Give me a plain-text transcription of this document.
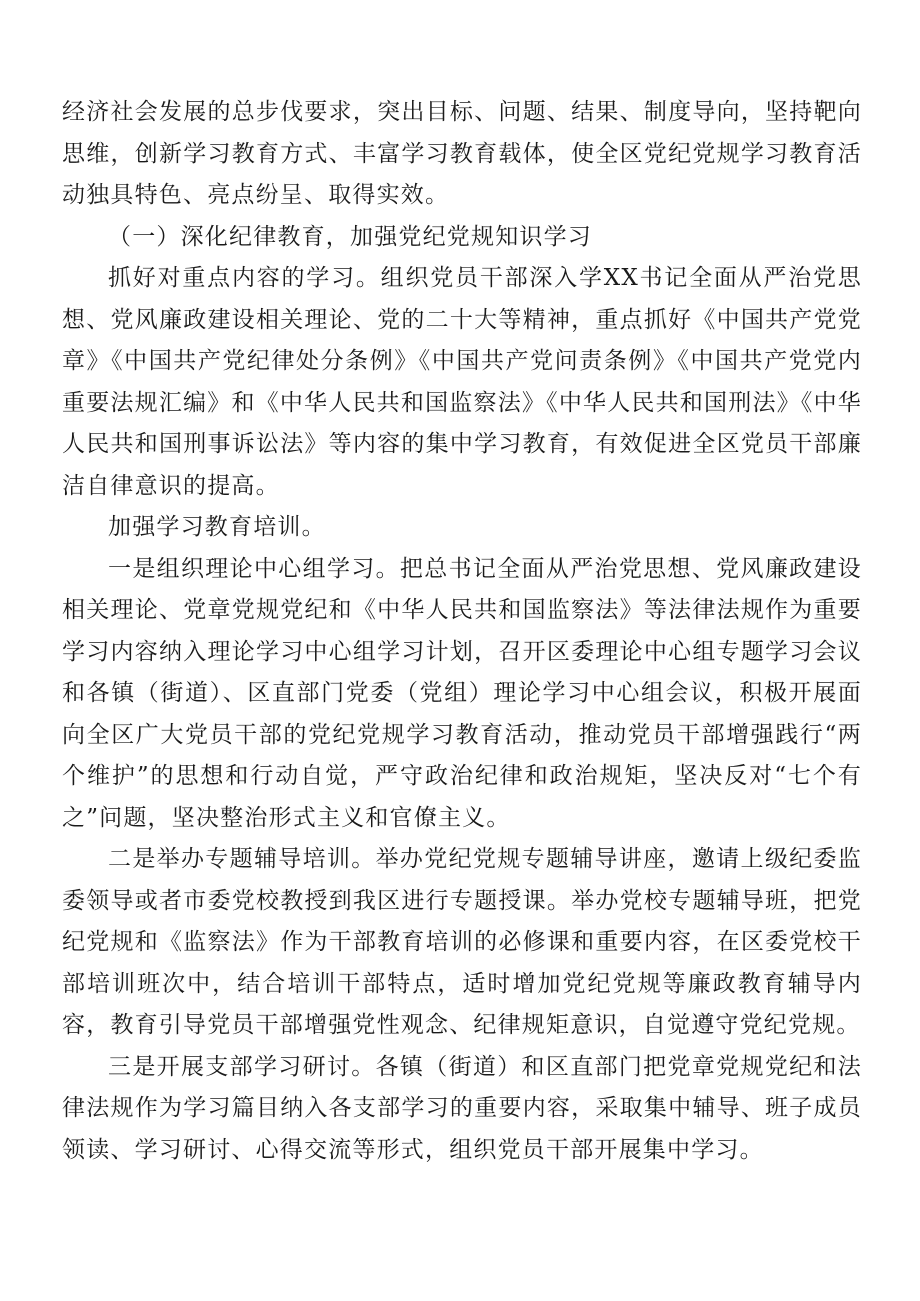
经济社会发展的总步伐要求，突出目标、问题、结果、制度导向，坚持靶向思维，创新学习教育方式、丰富学习教育载体，使全区党纪党规学习教育活动独具特色、亮点纷呈、取得实效。

（一）深化纪律教育，加强党纪党规知识学习

抓好对重点内容的学习。组织党员干部深入学XX书记全面从严治党思想、党风廉政建设相关理论、党的二十大等精神，重点抓好《中国共产党党章》《中国共产党纪律处分条例》《中国共产党问责条例》《中国共产党党内重要法规汇编》和《中华人民共和国监察法》《中华人民共和国刑法》《中华人民共和国刑事诉讼法》等内容的集中学习教育，有效促进全区党员干部廉洁自律意识的提高。

加强学习教育培训。

一是组织理论中心组学习。把总书记全面从严治党思想、党风廉政建设相关理论、党章党规党纪和《中华人民共和国监察法》等法律法规作为重要学习内容纳入理论学习中心组学习计划，召开区委理论中心组专题学习会议和各镇（街道）、区直部门党委（党组）理论学习中心组会议，积极开展面向全区广大党员干部的党纪党规学习教育活动，推动党员干部增强践行“两个维护”的思想和行动自觉，严守政治纪律和政治规矩，坚决反对“七个有之”问题，坚决整治形式主义和官僚主义。

二是举办专题辅导培训。举办党纪党规专题辅导讲座，邀请上级纪委监委领导或者市委党校教授到我区进行专题授课。举办党校专题辅导班，把党纪党规和《监察法》作为干部教育培训的必修课和重要内容，在区委党校干部培训班次中，结合培训干部特点，适时增加党纪党规等廉政教育辅导内容，教育引导党员干部增强党性观念、纪律规矩意识，自觉遵守党纪党规。

三是开展支部学习研讨。各镇（街道）和区直部门把党章党规党纪和法律法规作为学习篇目纳入各支部学习的重要内容，采取集中辅导、班子成员领读、学习研讨、心得交流等形式，组织党员干部开展集中学习。
